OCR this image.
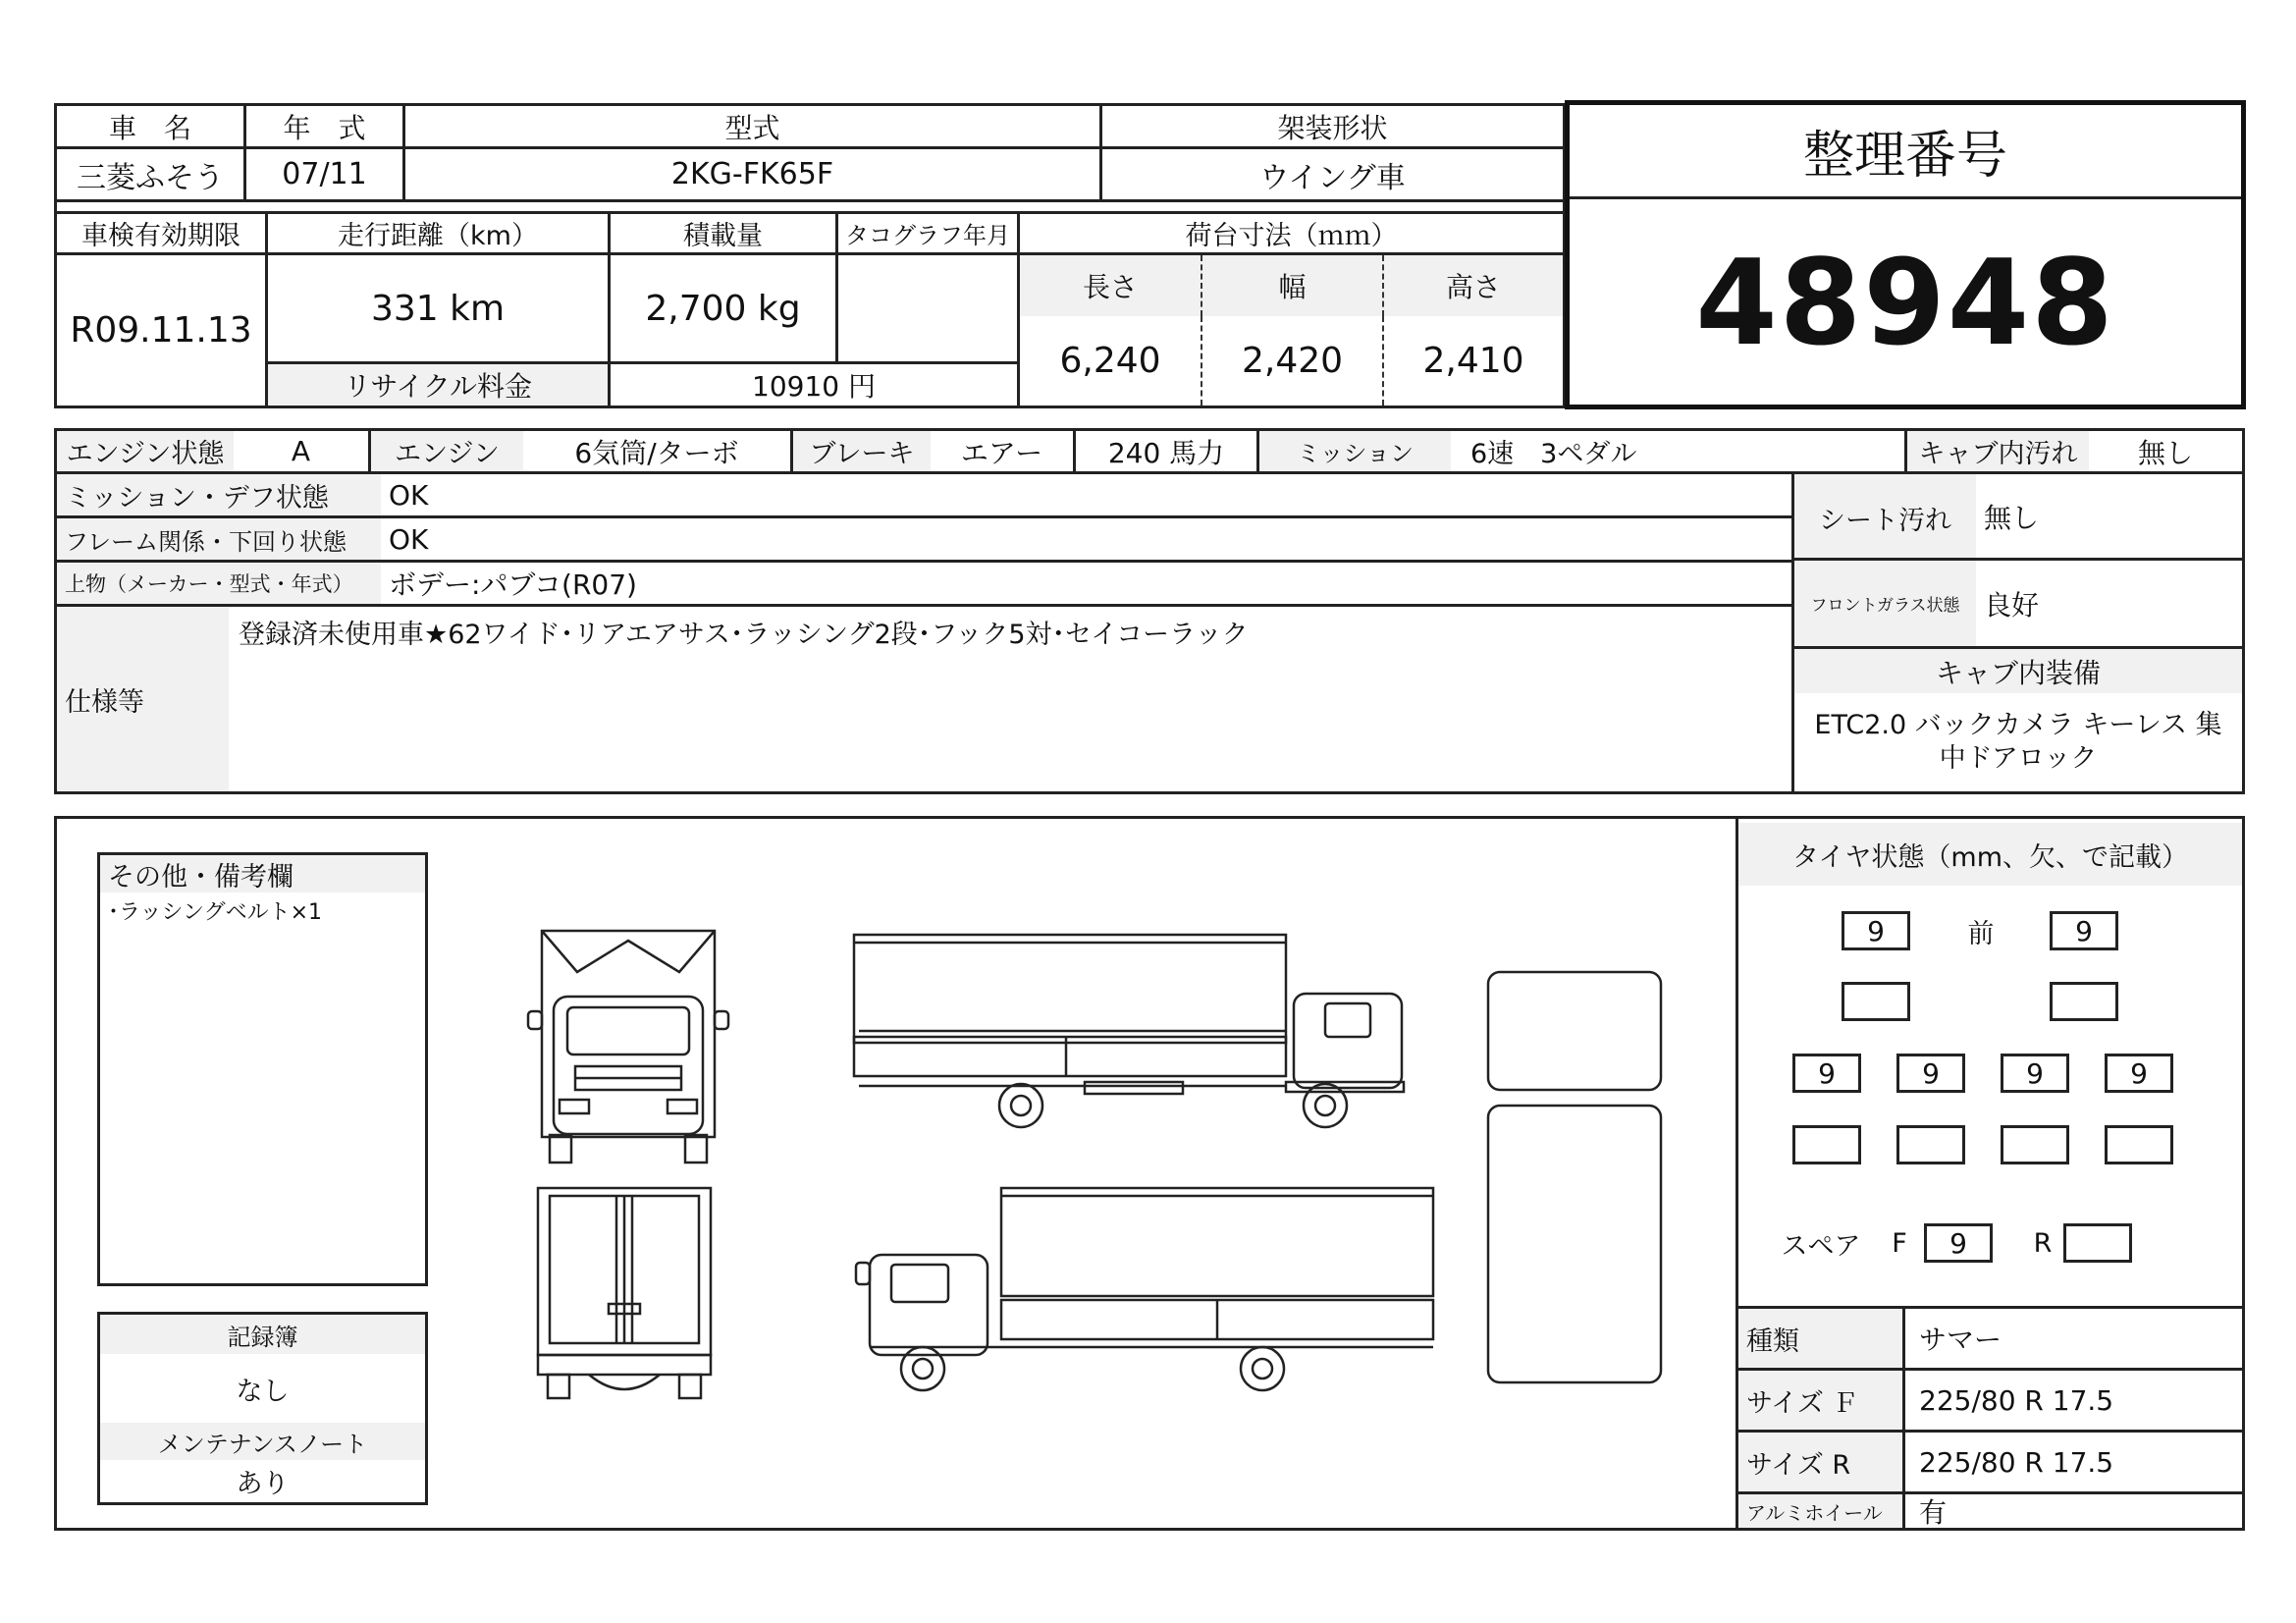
車　名	年　式	型式	架装形状
三菱ふそう	07/11	2KG-FK65F	ウイング車
車検有効期限	走行距離（km）	積載量	タコグラフ年月	荷台寸法（ｍｍ）
R09.11.13
331 km	2,700 kg
リサイクル料金	10910 円
長さ	幅	高さ
6,240	2,420	2,410
整理番号
48948
エンジン状態	A	エンジン	6気筒/ターボ	ブレーキ	エアー	240 馬力	ミッション	6速　3ペダル	キャブ内汚れ	無し
ミッション・デフ状態	OK
フレーム関係・下回り状態	OK
上物（メーカー・型式・年式）	ボデー:パブコ(R07)
仕様等
登録済未使用車★62ワイド･リアエアサス･ラッシング2段･フック5対･セイコーラック
シート汚れ	無し
フロントガラス状態 良好
キャブ内装備
ETC2.0 バックカメラ キーレス 集中ドアロック
その他・備考欄
･ラッシングベルト×1
記録簿
なし
メンテナンスノート
あり
タイヤ状態（mm、欠、で記載）
9	前	9
9	9	9	9
スペア F	9	R
種類	サマー
サイズ Ｆ	225/80 R 17.5
サイズ R	225/80 R 17.5
アルミホイール	有
